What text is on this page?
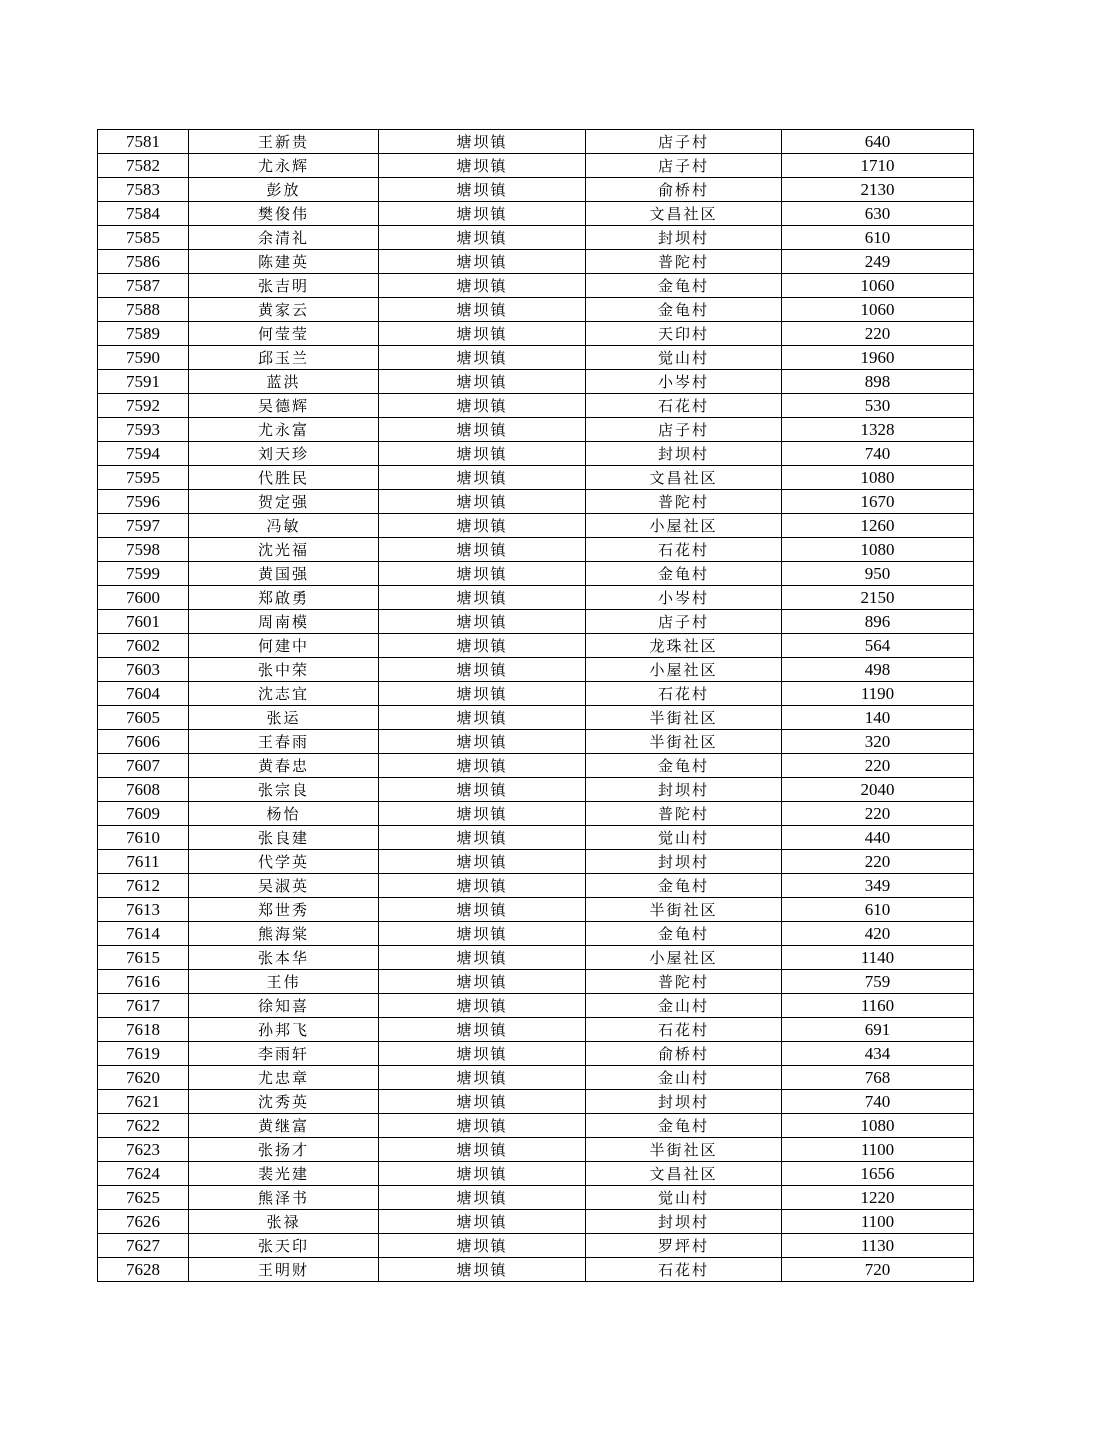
7581	王新贵	塘坝镇	店子村	640
7582	尤永辉	塘坝镇	店子村	1710
7583	彭放	塘坝镇	俞桥村	2130
7584	樊俊伟	塘坝镇	文昌社区	630
7585	余清礼	塘坝镇	封坝村	610
7586	陈建英	塘坝镇	普陀村	249
7587	张吉明	塘坝镇	金龟村	1060
7588	黄家云	塘坝镇	金龟村	1060
7589	何莹莹	塘坝镇	天印村	220
7590	邱玉兰	塘坝镇	觉山村	1960
7591	蓝洪	塘坝镇	小岑村	898
7592	吴德辉	塘坝镇	石花村	530
7593	尤永富	塘坝镇	店子村	1328
7594	刘天珍	塘坝镇	封坝村	740
7595	代胜民	塘坝镇	文昌社区	1080
7596	贺定强	塘坝镇	普陀村	1670
7597	冯敏	塘坝镇	小屋社区	1260
7598	沈光福	塘坝镇	石花村	1080
7599	黄国强	塘坝镇	金龟村	950
7600	郑啟勇	塘坝镇	小岑村	2150
7601	周南模	塘坝镇	店子村	896
7602	何建中	塘坝镇	龙珠社区	564
7603	张中荣	塘坝镇	小屋社区	498
7604	沈志宜	塘坝镇	石花村	1190
7605	张运	塘坝镇	半街社区	140
7606	王春雨	塘坝镇	半街社区	320
7607	黄春忠	塘坝镇	金龟村	220
7608	张宗良	塘坝镇	封坝村	2040
7609	杨怡	塘坝镇	普陀村	220
7610	张良建	塘坝镇	觉山村	440
7611	代学英	塘坝镇	封坝村	220
7612	吴淑英	塘坝镇	金龟村	349
7613	郑世秀	塘坝镇	半街社区	610
7614	熊海棠	塘坝镇	金龟村	420
7615	张本华	塘坝镇	小屋社区	1140
7616	王伟	塘坝镇	普陀村	759
7617	徐知喜	塘坝镇	金山村	1160
7618	孙邦飞	塘坝镇	石花村	691
7619	李雨轩	塘坝镇	俞桥村	434
7620	尤忠章	塘坝镇	金山村	768
7621	沈秀英	塘坝镇	封坝村	740
7622	黄继富	塘坝镇	金龟村	1080
7623	张扬才	塘坝镇	半街社区	1100
7624	裴光建	塘坝镇	文昌社区	1656
7625	熊泽书	塘坝镇	觉山村	1220
7626	张禄	塘坝镇	封坝村	1100
7627	张天印	塘坝镇	罗坪村	1130
7628	王明财	塘坝镇	石花村	720
